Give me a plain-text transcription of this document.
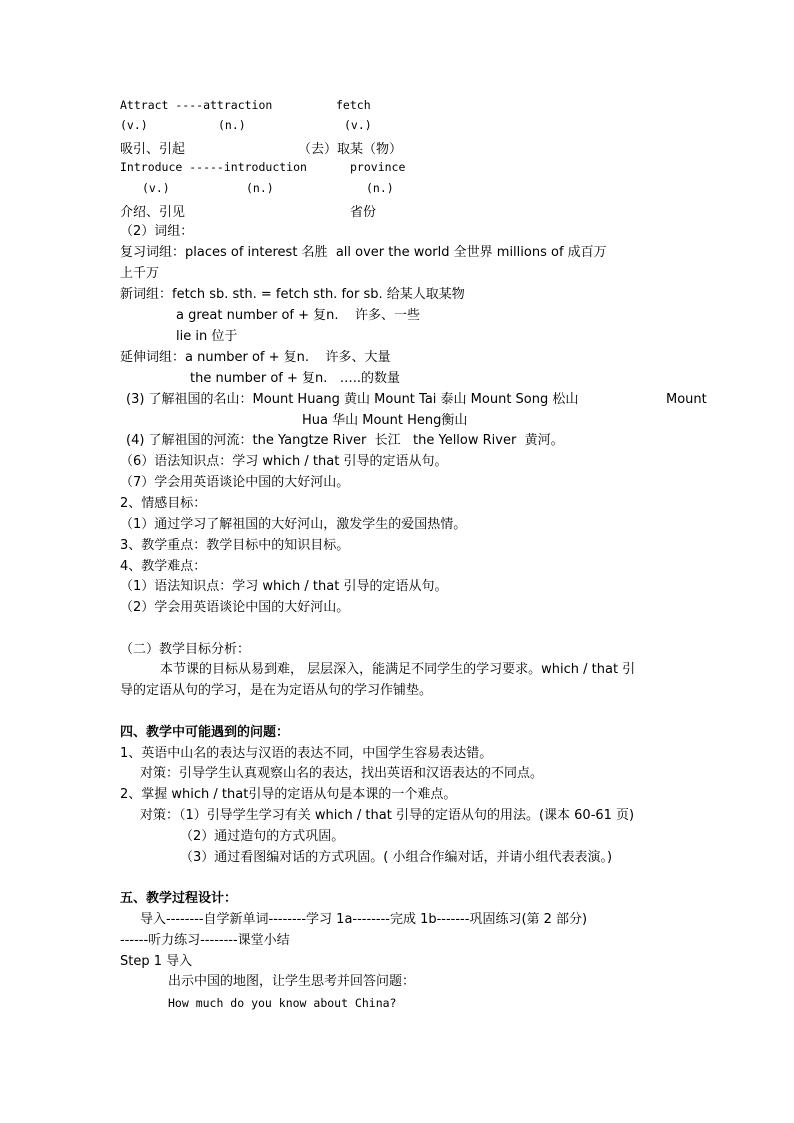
Attract ----attraction	fetch
(v.)	(n.)	(v.)
吸引、引起	（去）取某（物）
Introduce -----introduction	province
(v.)	(n.)	(n.)
介绍、引见	省份
（2）词组：
复习词组：places of interest 名胜  all over the world 全世界 millions of 成百万
上千万
新词组：fetch sb. sth. = fetch sth. for sb. 给某人取某物
a great number of + 复n.    许多、一些
lie in 位于
延伸词组：a number of + 复n.    许多、大量
the number of + 复n.   …..的数量
(3) 了解祖国的名山：Mount Huang 黄山 Mount Tai 泰山 Mount Song 松山	Mount
Hua 华山 Mount Heng衡山
(4) 了解祖国的河流：the Yangtze River  长江   the Yellow River  黄河。
（6）语法知识点：学习 which / that 引导的定语从句。
（7）学会用英语谈论中国的大好河山。
2、情感目标：
（1）通过学习了解祖国的大好河山，激发学生的爱国热情。
3、教学重点：教学目标中的知识目标。
4、教学难点：
（1）语法知识点：学习 which / that 引导的定语从句。
（2）学会用英语谈论中国的大好河山。
（二）教学目标分析：
本节课的目标从易到难， 层层深入，能满足不同学生的学习要求。which / that 引
导的定语从句的学习，是在为定语从句的学习作铺垫。
四、教学中可能遇到的问题：
1、英语中山名的表达与汉语的表达不同，中国学生容易表达错。
对策：引导学生认真观察山名的表达，找出英语和汉语表达的不同点。
2、掌握 which / that引导的定语从句是本课的一个难点。
对策：（1）引导学生学习有关 which / that 引导的定语从句的用法。(课本 60-61 页)
（2）通过造句的方式巩固。
（3）通过看图编对话的方式巩固。( 小组合作编对话，并请小组代表表演。)
五、教学过程设计：
导入--------自学新单词--------学习 1a--------完成 1b-------巩固练习(第 2 部分)
------听力练习--------课堂小结
Step 1 导入
出示中国的地图，让学生思考并回答问题：
How much do you know about China?
